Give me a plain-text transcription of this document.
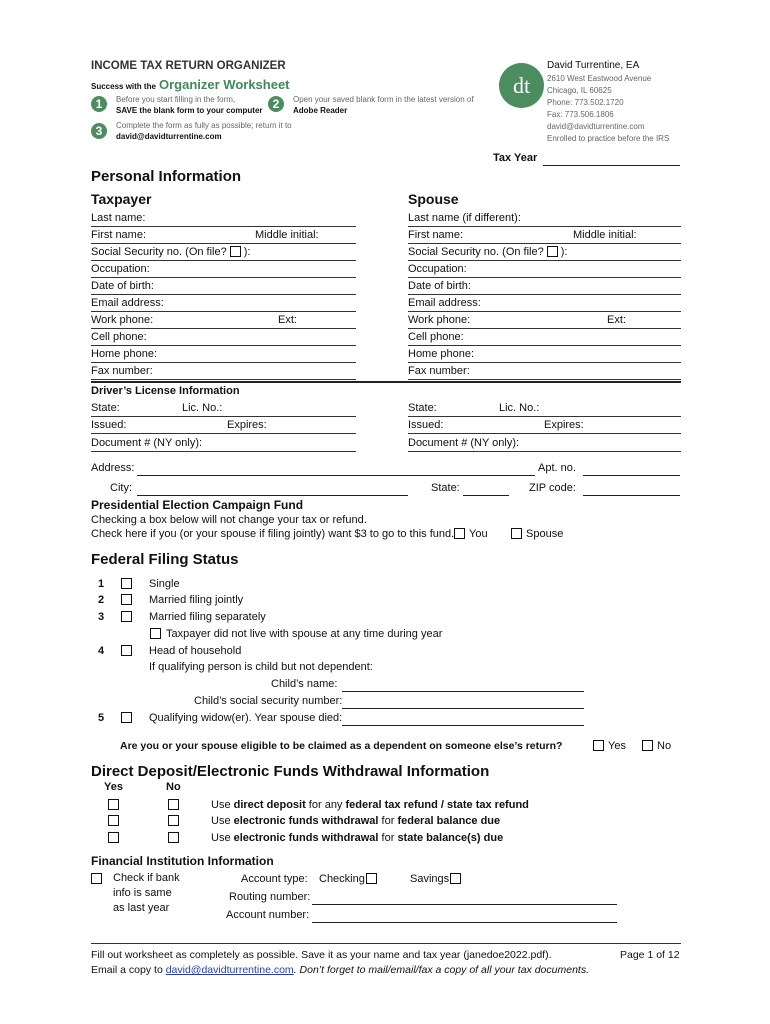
INCOME TAX RETURN ORGANIZER
Success with the Organizer Worksheet
1	Before you start filling in the form,
SAVE the blank form to your computer 2	Open your saved blank form in the latest version of
Adobe Reader
3	Complete the form as fully as possible; return it to
david@davidturrentine.com
dt
David Turrentine, EA
2610 West Eastwood Avenue
Chicago, IL 60625
Phone: 773.502.1720
Fax: 773.506.1806
david@davidturrentine.com
Enrolled to practice before the IRS
Tax Year
Personal Information
Taxpayer	Spouse
Last name:
First name:	Middle initial:
Social Security no. (On file? ):
Occupation:
Date of birth:
Email address:
Work phone:	Ext:
Cell phone:
Home phone:
Fax number:
Last name (if different):
First name:	Middle initial:
Social Security no. (On file? ):
Occupation:
Date of birth:
Email address:
Work phone:	Ext:
Cell phone:
Home phone:
Fax number:
Driver’s License Information
State:	Lic. No.:
Issued:	Expires:
Document # (NY only):
State:	Lic. No.:
Issued:	Expires:
Document # (NY only):
Address:	Apt. no.
City:	State:	ZIP code:
Presidential Election Campaign Fund
Checking a box below will not change your tax or refund.
Check here if you (or your spouse if filing jointly) want $3 to go to this fund. You	Spouse
Federal Filing Status
1	Single
2	Married filing jointly
3	Married filing separately
Taxpayer did not live with spouse at any time during year
4	Head of household
If qualifying person is child but not dependent:
Child’s name:
Child’s social security number:
5	Qualifying widow(er). Year spouse died:
Are you or your spouse eligible to be claimed as a dependent on someone else’s return?	Yes	No
Direct Deposit/Electronic Funds Withdrawal Information
Yes	No
Use direct deposit for any federal tax refund / state tax refund
Use electronic funds withdrawal for federal balance due
Use electronic funds withdrawal for state balance(s) due
Financial Institution Information
Check if bank
info is same
as last year
Account type: Checking	Savings
Routing number:
Account number:
Fill out worksheet as completely as possible. Save it as your name and tax year (janedoe2022.pdf).
Email a copy to david@davidturrentine.com. Don’t forget to mail/email/fax a copy of all your tax documents.
Page 1 of 12
